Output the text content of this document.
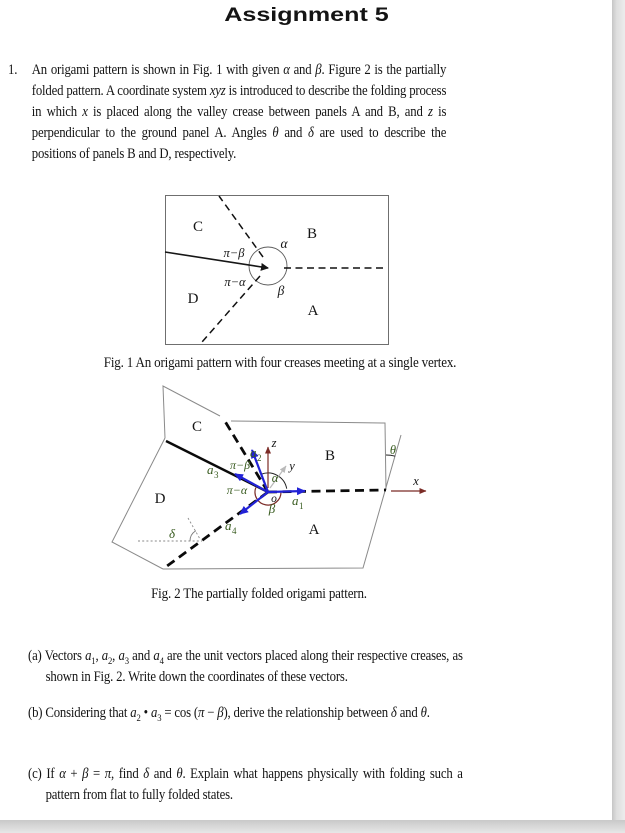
Assignment 5
1.	An origami pattern is shown in Fig. 1 with given α and β. Figure 2 is the partially folded pattern. A coordinate system xyz is introduced to describe the folding process in which x is placed along the valley crease between panels A and B, and z is perpendicular to the ground panel A. Angles θ and δ are used to describe the positions of panels B and D, respectively.
C	B
D
A
α
π−β
π−α
β
Fig. 1 An origami pattern with four creases meeting at a single vertex.
C
B
D
A
π−β
π−α
α
β
θ
δ
z
y
x
o a 1
a 2
a 3
a 4
Fig. 2 The partially folded origami pattern.
(a) Vectors $a_1$, $a_2$, $a_3$ and $a_4$ are the unit vectors placed along their respective creases, as shown in Fig. 2. Write down the coordinates of these vectors.
(b) Considering that $a_2$ • $a_3 = \cos (\pi - \beta)$, derive the relationship between δ and θ.
(c) If α + β = π, find δ and θ. Explain what happens physically with folding such a pattern from flat to fully folded states.
